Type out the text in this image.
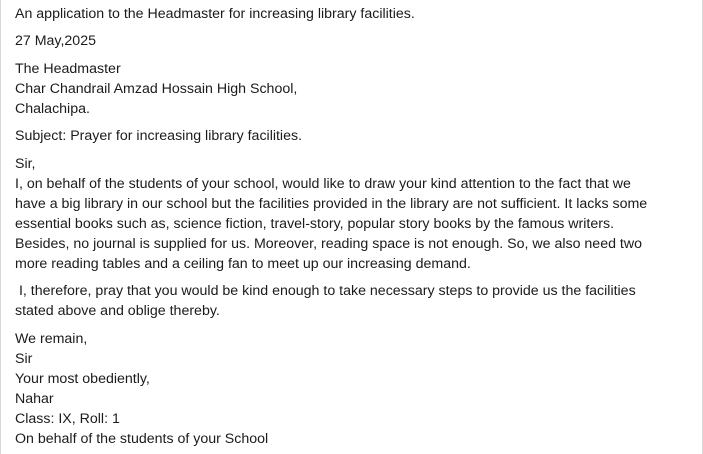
An application to the Headmaster for increasing library facilities.

27 May,2025

The Headmaster
Char Chandrail Amzad Hossain High School,
Chalachipa.

Subject: Prayer for increasing library facilities.

Sir,

I, on behalf of the students of your school, would like to draw your kind attention to the fact that we
have a big library in our school but the facilities provided in the library are not sufficient. It lacks some
essential books such as, science fiction, travel-story, popular story books by the famous writers.
Besides, no journal is supplied for us. Moreover, reading space is not enough. So, we also need two
more reading tables and a ceiling fan to meet up our increasing demand.

I, therefore, pray that you would be kind enough to take necessary steps to provide us the facilities
stated above and oblige thereby.

We remain,
Sir
Your most obediently,
Nahar
Class: IX, Roll: 1
On behalf of the students of your School
